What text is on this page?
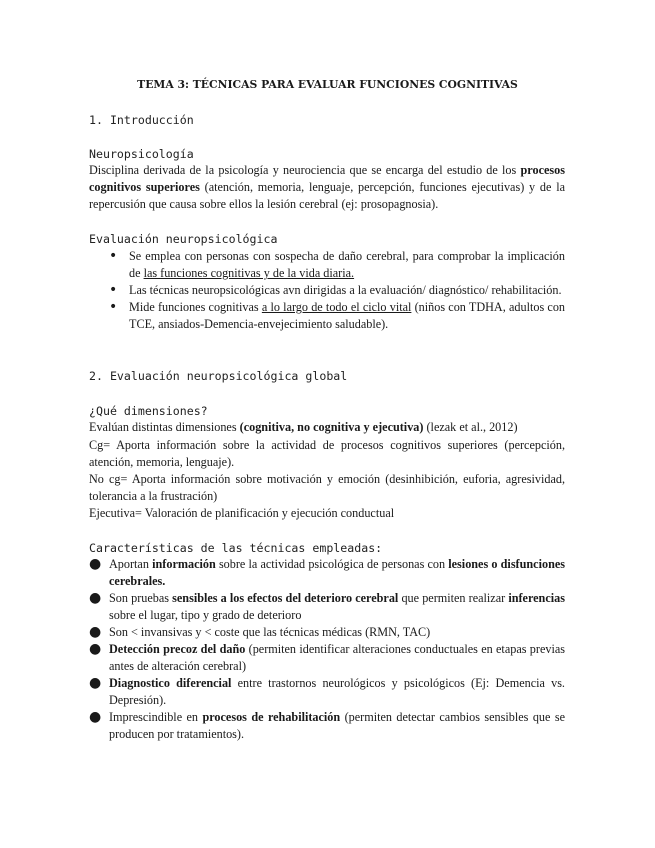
TEMA 3: TÉCNICAS PARA EVALUAR FUNCIONES COGNITIVAS
1. Introducción
Neuropsicología
Disciplina derivada de la psicología y neurociencia que se encarga del estudio de los procesos cognitivos superiores (atención, memoria, lenguaje, percepción, funciones ejecutivas) y de la repercusión que causa sobre ellos la lesión cerebral (ej: prosopagnosia).
Evaluación neuropsicológica
• Se emplea con personas con sospecha de daño cerebral, para comprobar la implicación de las funciones cognitivas y de la vida diaria.
• Las técnicas neuropsicológicas avn dirigidas a la evaluación/ diagnóstico/ rehabilitación.
• Mide funciones cognitivas a lo largo de todo el ciclo vital (niños con TDHA, adultos con TCE, ansiados-Demencia-envejecimiento saludable).
2. Evaluación neuropsicológica global
¿Qué dimensiones?
Evalúan distintas dimensiones (cognitiva, no cognitiva y ejecutiva) (lezak et al., 2012)
Cg= Aporta información sobre la actividad de procesos cognitivos superiores (percepción, atención, memoria, lenguaje).
No cg= Aporta información sobre motivación y emoción (desinhibición, euforia, agresividad, tolerancia a la frustración)
Ejecutiva= Valoración de planificación y ejecución conductual
Características de las técnicas empleadas:
● Aportan información sobre la actividad psicológica de personas con lesiones o disfunciones cerebrales.
● Son pruebas sensibles a los efectos del deterioro cerebral que permiten realizar inferencias sobre el lugar, tipo y grado de deterioro
● Son < invansivas y < coste que las técnicas médicas (RMN, TAC)
● Detección precoz del daño (permiten identificar alteraciones conductuales en etapas previas antes de alteración cerebral)
● Diagnostico diferencial entre trastornos neurológicos y psicológicos (Ej: Demencia vs. Depresión).
● Imprescindible en procesos de rehabilitación (permiten detectar cambios sensibles que se producen por tratamientos).
